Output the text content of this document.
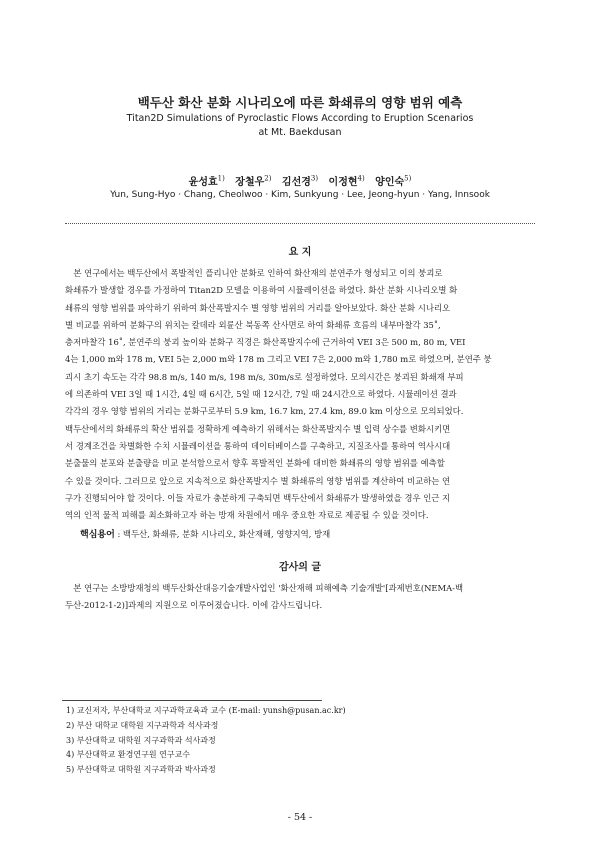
백두산 화산 분화 시나리오에 따른 화쇄류의 영향 범위 예측
Titan2D Simulations of Pyroclastic Flows According to Eruption Scenarios
at Mt. Baekdusan
윤성효$^{1)}$ 장철우$^{2)}$ 김선경$^{3)}$ 이정현$^{4)}$ 양인숙$^{5)}$
Yun, Sung-Hyo · Chang, Cheolwoo · Kim, Sunkyung · Lee, Jeong-hyun · Yang, Innsook
요 지
　본 연구에서는 백두산에서 폭발적인 플리니안 분화로 인하여 화산재의 분연주가 형성되고 이의 붕괴로
화쇄류가 발생할 경우를 가정하여 Titan2D 모델을 이용하여 시뮬레이션을 하였다. 화산 분화 시나리오별 화
쇄류의 영향 범위를 파악하기 위하여 화산폭발지수 별 영향 범위의 거리를 알아보았다. 화산 분화 시나리오
별 비교를 위하여 분화구의 위치는 칼데라 외륜산 북동쪽 산사면로 하여 화쇄류 흐름의 내부마찰각 35˚,
층저마찰각 16˚, 분연주의 붕괴 높이와 분화구 직경은 화산폭발지수에 근거하여 VEI 3은 500 m, 80 m, VEI
4는 1,000 m와 178 m, VEI 5는 2,000 m와 178 m 그리고 VEI 7은 2,000 m와 1,780 m로 하였으며, 분연주 붕
괴시 초기 속도는 각각 98.8 m/s, 140 m/s, 198 m/s, 30m/s로 설정하였다. 모의시간은 붕괴된 화쇄재 부피
에 의존하여 VEI 3일 때 1시간, 4일 때 6시간, 5일 때 12시간, 7일 때 24시간으로 하였다. 시뮬레이션 결과
각각의 경우 영향 범위의 거리는 분화구로부터 5.9 km, 16.7 km, 27.4 km, 89.0 km 이상으로 모의되었다.
백두산에서의 화쇄류의 확산 범위를 정확하게 예측하기 위해서는 화산폭발지수 별 입력 상수를 변화시키면
서 경계조건을 차별화한 수치 시뮬레이션을 통하여 데이터베이스를 구축하고, 지질조사를 통하여 역사시대
분출물의 분포와 분출량을 비교 분석함으로서 향후 폭발적인 분화에 대비한 화쇄류의 영향 범위를 예측할
수 있을 것이다. 그러므로 앞으로 지속적으로 화산폭발지수 별 화쇄류의 영향 범위를 계산하여 비교하는 연
구가 진행되어야 할 것이다. 이들 자료가 충분하게 구축되면 백두산에서 화쇄류가 발생하였을 경우 인근 지
역의 인적 물적 피해를 최소화하고자 하는 방재 차원에서 매우 중요한 자료로 제공될 수 있을 것이다.
핵심용어 : 백두산, 화쇄류, 분화 시나리오, 화산재해, 영향지역, 방재
감사의 글
　본 연구는 소방방재청의 백두산화산대응기술개발사업인 '화산재해 피해예측 기술개발'[과제번호(NEMA-백
두산-2012-1-2)]과제의 지원으로 이루어졌습니다. 이에 감사드립니다.
1) 교신저자, 부산대학교 지구과학교육과 교수 (E-mail: yunsh@pusan.ac.kr)
2) 부산 대학교 대학원 지구과학과 석사과정
3) 부산대학교 대학원 지구과학과 석사과정
4) 부산대학교 환경연구원 연구교수
5) 부산대학교 대학원 지구과학과 박사과정
- 54 -
